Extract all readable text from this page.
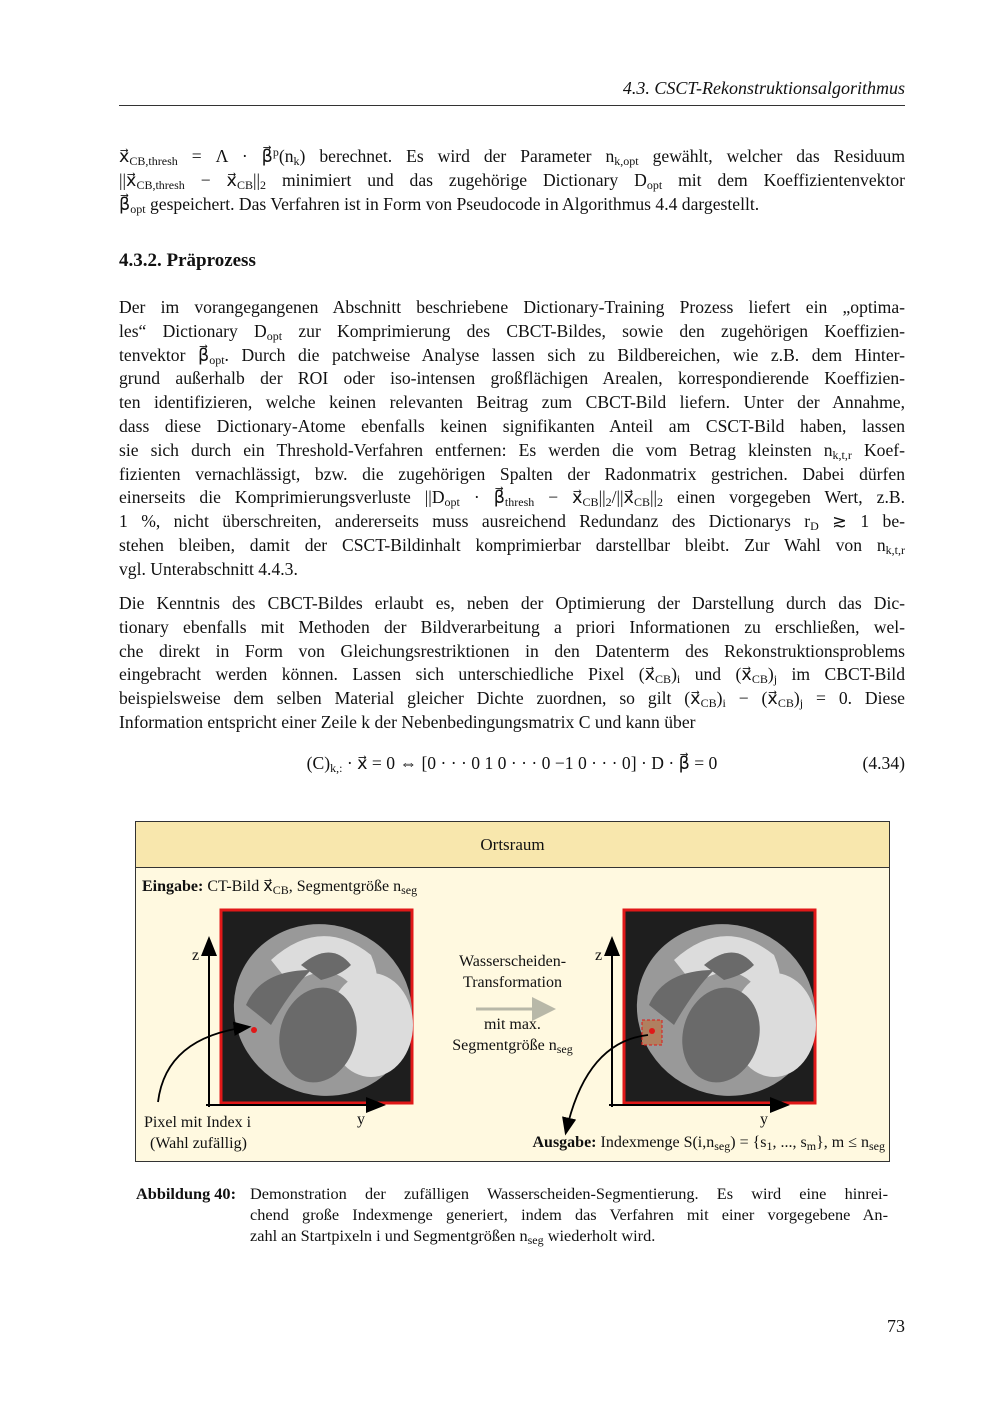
4.3. CSCT-Rekonstruktionsalgorithmus
$x⃗_{CB,thresh} = \Lambda$ · $\beta⃗^p(n_k)$ berechnet. Es wird der Parameter $n_{k,opt}$ gewählt, welcher das Residuum
$||x⃗_{CB,thresh}$ − $x⃗_{CB}||_2$ minimiert und das zugehörige Dictionary $D_{opt}$ mit dem Koeffizientenvektor
$\beta⃗_{opt}$ gespeichert. Das Verfahren ist in Form von Pseudocode in Algorithmus 4.4 dargestellt.
4.3.2. Präprozess
Der im vorangegangenen Abschnitt beschriebene Dictionary-Training Prozess liefert ein „optima-
les“ Dictionary $D_{opt}$ zur Komprimierung des CBCT-Bildes, sowie den zugehörigen Koeffizien-
tenvektor $\beta⃗_{opt}$. Durch die patchweise Analyse lassen sich zu Bildbereichen, wie z.B. dem Hinter-
grund außerhalb der ROI oder iso-intensen großflächigen Arealen, korrespondierende Koeffizien-
ten identifizieren, welche keinen relevanten Beitrag zum CBCT-Bild liefern. Unter der Annahme,
dass diese Dictionary-Atome ebenfalls keinen signifikanten Anteil am CSCT-Bild haben, lassen
sie sich durch ein Threshold-Verfahren entfernen: Es werden die vom Betrag kleinsten $n_{k,t,r}$ Koef-
fizienten vernachlässigt, bzw. die zugehörigen Spalten der Radonmatrix gestrichen. Dabei dürfen
einerseits die Komprimierungsverluste $||D_{opt}$ · $\beta⃗_{thresh}$ − $x⃗_{CB}||_2/||x⃗_{CB}||_2$ einen vorgegeben Wert, z.B.
1 %, nicht überschreiten, andererseits muss ausreichend Redundanz des Dictionarys $r_D$ ≳ 1 be-
stehen bleiben, damit der CSCT-Bildinhalt komprimierbar darstellbar bleibt. Zur Wahl von $n_{k,t,r}$
vgl. Unterabschnitt 4.4.3.
Die Kenntnis des CBCT-Bildes erlaubt es, neben der Optimierung der Darstellung durch das Dic-
tionary ebenfalls mit Methoden der Bildverarbeitung a priori Informationen zu erschließen, wel-
che direkt in Form von Gleichungsrestriktionen in den Datenterm des Rekonstruktionsproblems
eingebracht werden können. Lassen sich unterschiedliche Pixel $(x⃗_{CB})_i$ und $(x⃗_{CB})_j$ im CBCT-Bild
beispielsweise dem selben Material gleicher Dichte zuordnen, so gilt $(x⃗_{CB})_i$ − $(x⃗_{CB})_j = 0$. Diese
Information entspricht einer Zeile k der Nebenbedingungsmatrix C und kann über
$(C)_{k,:}$ · x⃗ = 0 ⇔ [0 · · · 0 1 0 · · · 0 −1 0 · · · 0] · D · β⃗ = 0	(4.34)
Ortsraum
Eingabe: CT-Bild $x⃗_{CB}$, Segmentgröße $n_{seg}$
z	z
y	y
Wasserscheiden-
Transformation
mit max.
Segmentgröße $n_{seg}$
Pixel mit Index i
(Wahl zufällig)	Ausgabe: Indexmenge $S(i,n_{seg}) = \{s_1$, ..., $s_m$}, $m \le n_{seg}$
Abbildung 40: Demonstration der zufälligen Wasserscheiden-Segmentierung. Es wird eine hinrei-
chend große Indexmenge generiert, indem das Verfahren mit einer vorgegebene An-
zahl an Startpixeln i und Segmentgrößen $n_{seg}$ wiederholt wird.
73
